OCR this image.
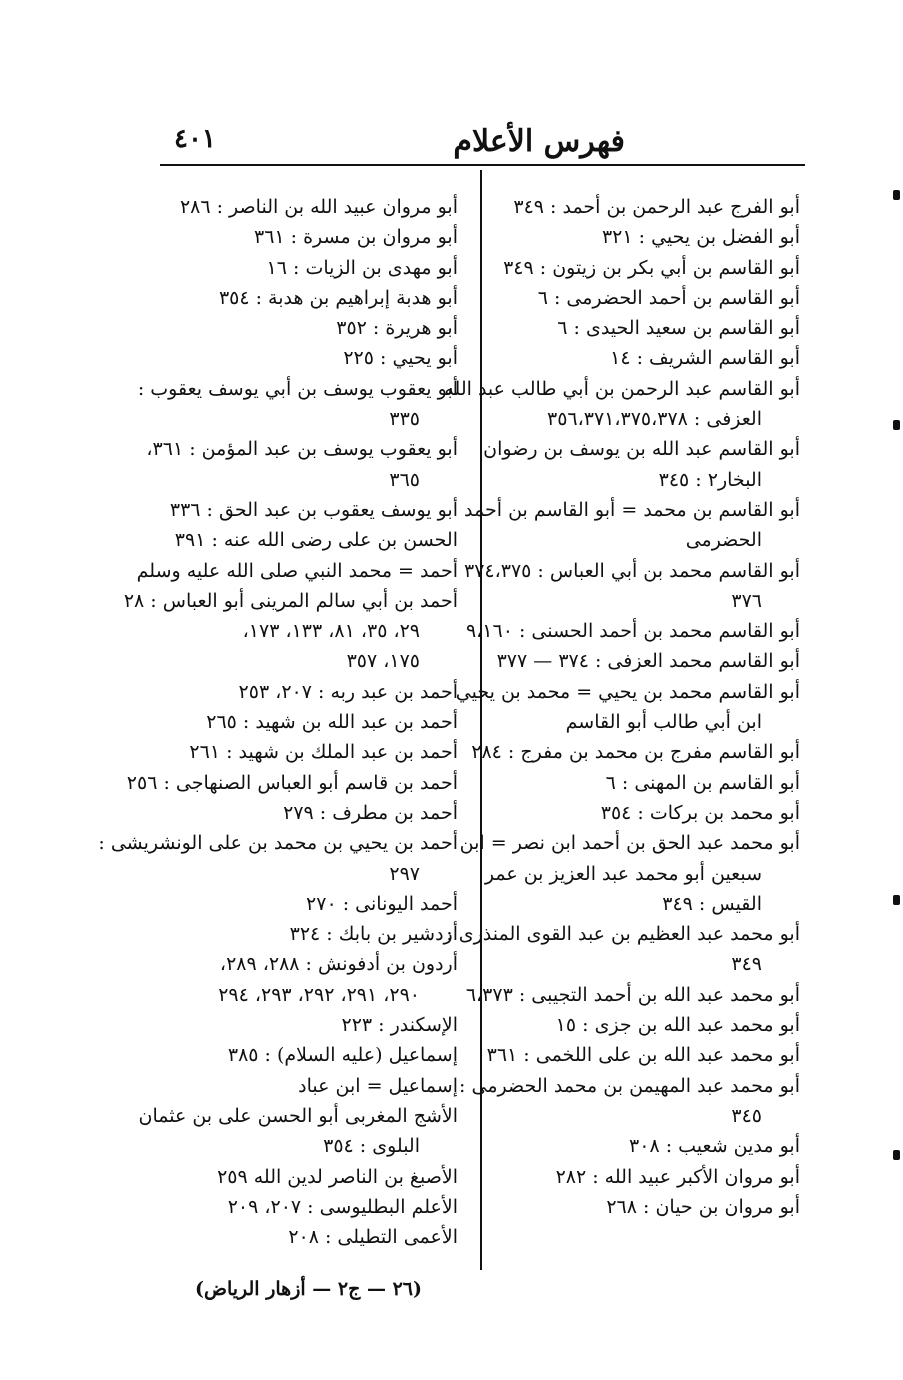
فهرس الأعلام
٤٠١
أبو الفرج عبد الرحمن بن أحمد : ٣٤٩
أبو الفضل بن يحيي : ٣٢١
أبو القاسم بن أبي بكر بن زيتون : ٣٤٩
أبو القاسم بن أحمد الحضرمى : ٦
أبو القاسم بن سعيد الحيدى : ٦
أبو القاسم الشريف : ١٤
أبو القاسم عبد الرحمن بن أبي طالب عبد الله
العزفى : ٣٥٦،٣٧١،٣٧٥،٣٧٨
أبو القاسم عبد الله بن يوسف بن رضوان
البخار٢ : ٣٤٥
أبو القاسم بن محمد = أبو القاسم بن أحمد
الحضرمى
أبو القاسم محمد بن أبي العباس : ٣٧٤،٣٧٥
٣٧٦
أبو القاسم محمد بن أحمد الحسنى : ٩،١٦٠
أبو القاسم محمد العزفى : ٣٧٤ — ٣٧٧
أبو القاسم محمد بن يحيي = محمد بن يحيي
ابن أبي طالب أبو القاسم
أبو القاسم مفرج بن محمد بن مفرج : ٢٨٤
أبو القاسم بن المهنى : ٦
أبو محمد بن بركات : ٣٥٤
أبو محمد عبد الحق بن أحمد ابن نصر = ابن
سبعين أبو محمد عبد العزيز بن عمر
القيس : ٣٤٩
أبو محمد عبد العظيم بن عبد القوى المنذرى :
٣٤٩
أبو محمد عبد الله بن أحمد التجيبى : ٦،٣٧٣
أبو محمد عبد الله بن جزى : ١٥
أبو محمد عبد الله بن على اللخمى : ٣٦١
أبو محمد عبد المهيمن بن محمد الحضرمى :
٣٤٥
أبو مدين شعيب : ٣٠٨
أبو مروان الأكبر عبيد الله : ٢٨٢
أبو مروان بن حيان : ٢٦٨
أبو مروان عبيد الله بن الناصر : ٢٨٦
أبو مروان بن مسرة : ٣٦١
أبو مهدى بن الزيات : ١٦
أبو هدبة إبراهيم بن هدبة : ٣٥٤
أبو هريرة : ٣٥٢
أبو يحيي : ٢٢٥
أبو يعقوب يوسف بن أبي يوسف يعقوب :
٣٣٥
أبو يعقوب يوسف بن عبد المؤمن : ٣٦١،
٣٦٥
أبو يوسف يعقوب بن عبد الحق : ٣٣٦
الحسن بن على رضى الله عنه : ٣٩١
أحمد = محمد النبي صلى الله عليه وسلم
أحمد بن أبي سالم المرينى أبو العباس : ٢٨
٢٩، ٣٥، ٨١، ١٣٣، ١٧٣،
١٧٥، ٣٥٧
أحمد بن عبد ربه : ٢٠٧، ٢٥٣
أحمد بن عبد الله بن شهيد : ٢٦٥
أحمد بن عبد الملك بن شهيد : ٢٦١
أحمد بن قاسم أبو العباس الصنهاجى : ٢٥٦
أحمد بن مطرف : ٢٧٩
أحمد بن يحيي بن محمد بن على الونشريشى :
٢٩٧
أحمد اليونانى : ٢٧٠
أردشير بن بابك : ٣٢٤
أردون بن أدفونش : ٢٨٨، ٢٨٩،
٢٩٠، ٢٩١، ٢٩٢، ٢٩٣، ٢٩٤
الإسكندر : ٢٢٣
إسماعيل (عليه السلام) : ٣٨٥
إسماعيل = ابن عباد
الأشج المغربى أبو الحسن على بن عثمان
البلوى : ٣٥٤
الأصبغ بن الناصر لدين الله ٢٥٩
الأعلم البطليوسى : ٢٠٧، ٢٠٩
الأعمى التطيلى : ٢٠٨
(٢٦ — ج٢ — أزهار الرياض)
